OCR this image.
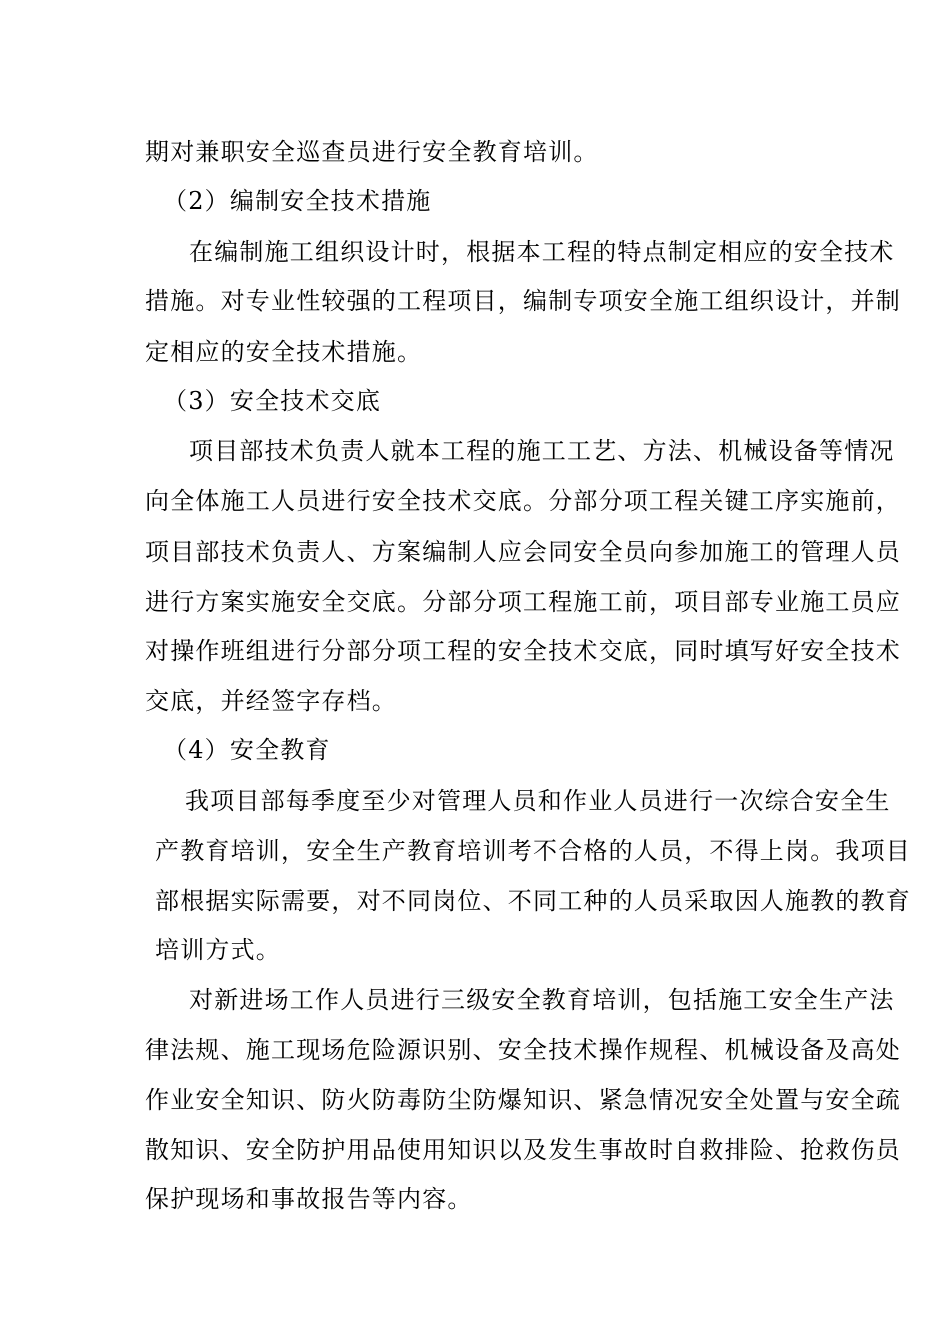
期对兼职安全巡查员进行安全教育培训。
（2）编制安全技术措施
在编制施工组织设计时，根据本工程的特点制定相应的安全技术
措施。对专业性较强的工程项目，编制专项安全施工组织设计，并制
定相应的安全技术措施。
（3）安全技术交底
项目部技术负责人就本工程的施工工艺、方法、机械设备等情况
向全体施工人员进行安全技术交底。分部分项工程关键工序实施前，
项目部技术负责人、方案编制人应会同安全员向参加施工的管理人员
进行方案实施安全交底。分部分项工程施工前，项目部专业施工员应
对操作班组进行分部分项工程的安全技术交底，同时填写好安全技术
交底，并经签字存档。
（4）安全教育
我项目部每季度至少对管理人员和作业人员进行一次综合安全生
产教育培训，安全生产教育培训考不合格的人员，不得上岗。我项目
部根据实际需要，对不同岗位、不同工种的人员采取因人施教的教育
培训方式。
对新进场工作人员进行三级安全教育培训，包括施工安全生产法
律法规、施工现场危险源识别、安全技术操作规程、机械设备及高处
作业安全知识、防火防毒防尘防爆知识、紧急情况安全处置与安全疏
散知识、安全防护用品使用知识以及发生事故时自救排险、抢救伤员
保护现场和事故报告等内容。
